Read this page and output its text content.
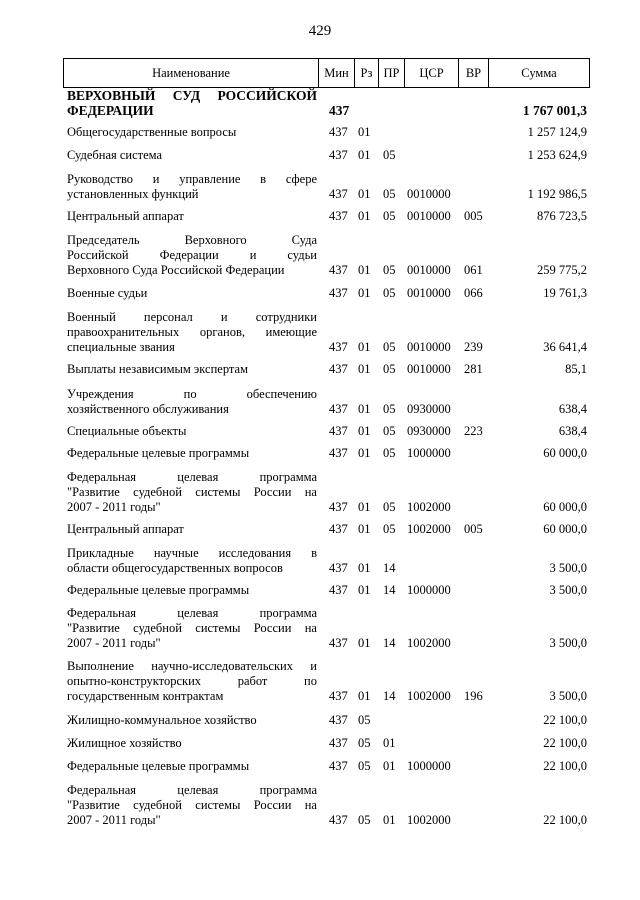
429
Наименование	Мин Рз ПР	ЦСР	ВР	Сумма
ВЕРХОВНЫЙ СУД РОССИЙСКОЙ
ФЕДЕРАЦИИ	437	1 767 001,3
Общегосударственные вопросы	437 01	1 257 124,9
Судебная система	437 01 05	1 253 624,9
Руководство и управление в сфере
установленных функций	437 01 05 0010000	1 192 986,5
Центральный аппарат	437 01 05 0010000 005	876 723,5
Председатель Верховного Суда
Российской Федерации и судьи
Верховного Суда Российской Федерации	437 01 05 0010000 061	259 775,2
Военные судьи	437 01 05 0010000 066	19 761,3
Военный персонал и сотрудники
правоохранительных органов, имеющие
специальные звания	437 01 05 0010000 239	36 641,4
Выплаты независимым экспертам	437 01 05 0010000 281	85,1
Учреждения по обеспечению
хозяйственного обслуживания	437 01 05 0930000	638,4
Специальные объекты	437 01 05 0930000 223	638,4
Федеральные целевые программы	437 01 05 1000000	60 000,0
Федеральная целевая программа
"Развитие судебной системы России на
2007 - 2011 годы"	437 01 05 1002000	60 000,0
Центральный аппарат	437 01 05 1002000 005	60 000,0
Прикладные научные исследования в
области общегосударственных вопросов	437 01 14	3 500,0
Федеральные целевые программы	437 01 14 1000000	3 500,0
Федеральная целевая программа
"Развитие судебной системы России на
2007 - 2011 годы"	437 01 14 1002000	3 500,0
Выполнение научно-исследовательских и
опытно-конструкторских работ по
государственным контрактам	437 01 14 1002000 196	3 500,0
Жилищно-коммунальное хозяйство	437 05	22 100,0
Жилищное хозяйство	437 05 01	22 100,0
Федеральные целевые программы	437 05 01 1000000	22 100,0
Федеральная целевая программа
"Развитие судебной системы России на
2007 - 2011 годы"	437 05 01 1002000	22 100,0
